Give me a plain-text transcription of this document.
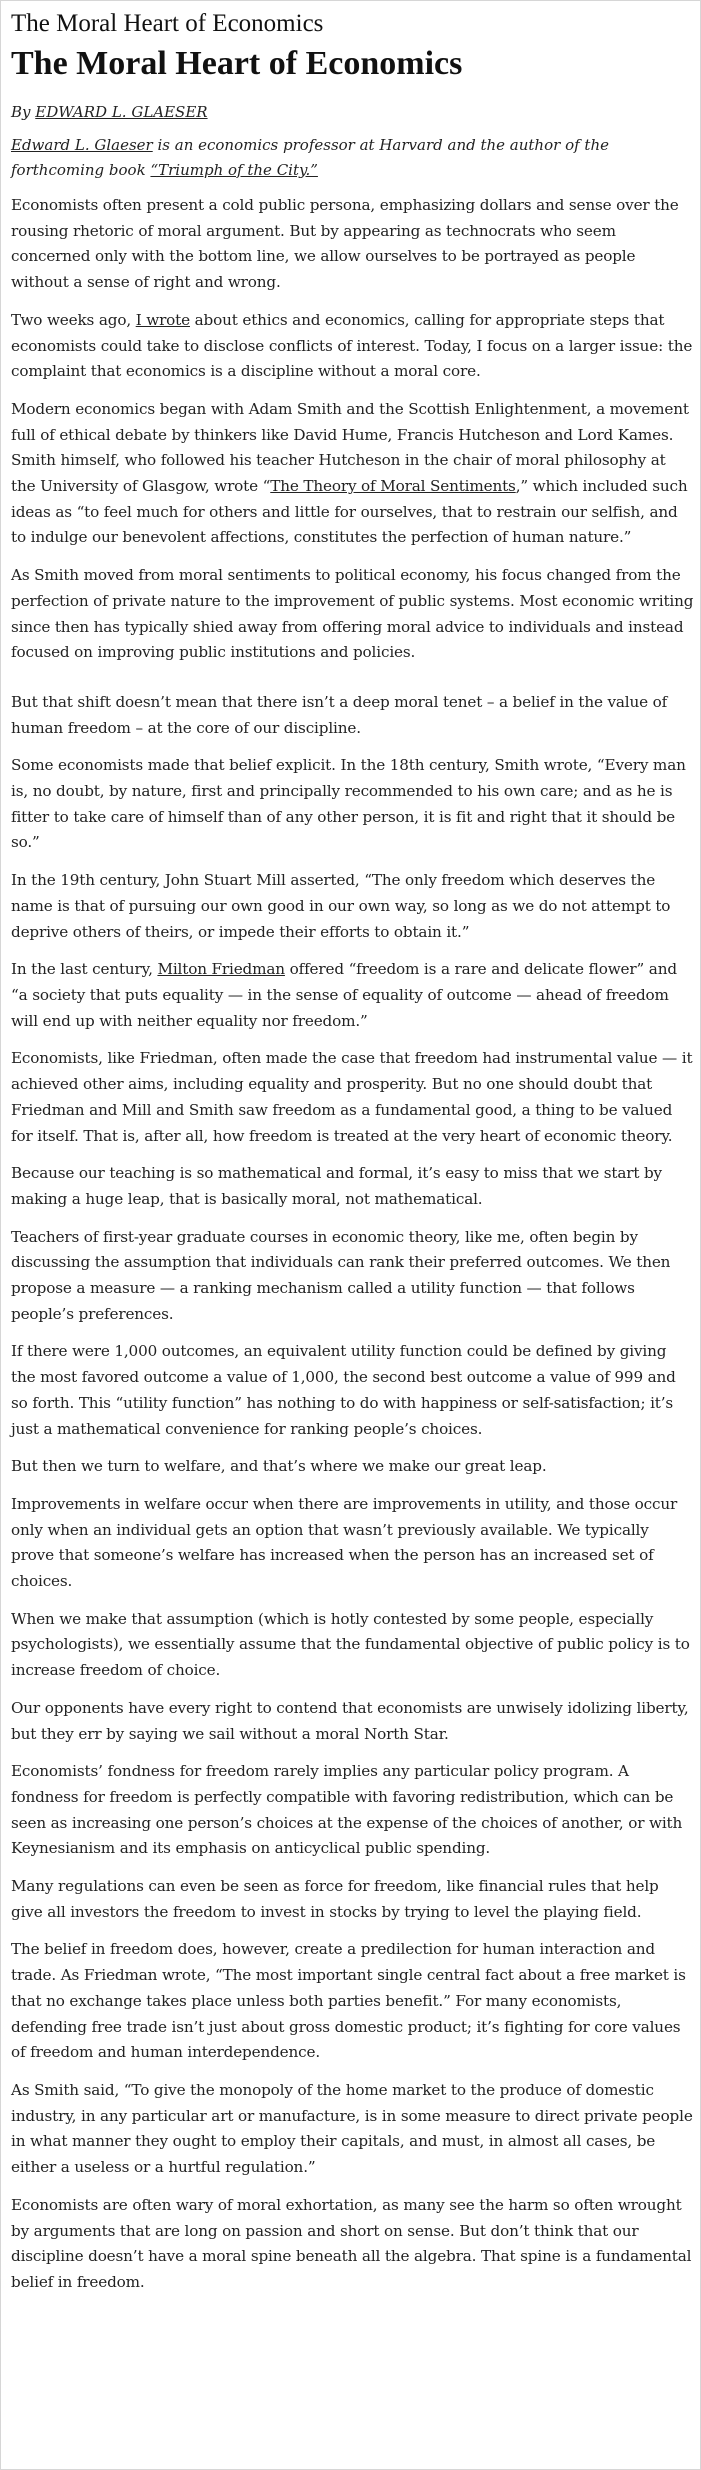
The Moral Heart of Economics
The Moral Heart of Economics
By EDWARD L. GLAESER
Edward L. Glaeser is an economics professor at Harvard and the author of the forthcoming book “Triumph of the City.”

Economists often present a cold public persona, emphasizing dollars and sense over the rousing rhetoric of moral argument. But by appearing as technocrats who seem concerned only with the bottom line, we allow ourselves to be portrayed as people without a sense of right and wrong.

Two weeks ago, I wrote about ethics and economics, calling for appropriate steps that economists could take to disclose conflicts of interest. Today, I focus on a larger issue: the complaint that economics is a discipline without a moral core.

Modern economics began with Adam Smith and the Scottish Enlightenment, a movement full of ethical debate by thinkers like David Hume, Francis Hutcheson and Lord Kames. Smith himself, who followed his teacher Hutcheson in the chair of moral philosophy at the University of Glasgow, wrote “The Theory of Moral Sentiments,” which included such ideas as “to feel much for others and little for ourselves, that to restrain our selfish, and to indulge our benevolent affections, constitutes the perfection of human nature.”

As Smith moved from moral sentiments to political economy, his focus changed from the perfection of private nature to the improvement of public systems. Most economic writing since then has typically shied away from offering moral advice to individuals and instead focused on improving public institutions and policies.

But that shift doesn’t mean that there isn’t a deep moral tenet – a belief in the value of human freedom – at the core of our discipline.

Some economists made that belief explicit. In the 18th century, Smith wrote, “Every man is, no doubt, by nature, first and principally recommended to his own care; and as he is fitter to take care of himself than of any other person, it is fit and right that it should be so.”

In the 19th century, John Stuart Mill asserted, “The only freedom which deserves the name is that of pursuing our own good in our own way, so long as we do not attempt to deprive others of theirs, or impede their efforts to obtain it.”

In the last century, Milton Friedman offered “freedom is a rare and delicate flower” and “a society that puts equality — in the sense of equality of outcome — ahead of freedom will end up with neither equality nor freedom.”

Economists, like Friedman, often made the case that freedom had instrumental value — it achieved other aims, including equality and prosperity. But no one should doubt that Friedman and Mill and Smith saw freedom as a fundamental good, a thing to be valued for itself. That is, after all, how freedom is treated at the very heart of economic theory.

Because our teaching is so mathematical and formal, it’s easy to miss that we start by making a huge leap, that is basically moral, not mathematical.

Teachers of first-year graduate courses in economic theory, like me, often begin by discussing the assumption that individuals can rank their preferred outcomes. We then propose a measure — a ranking mechanism called a utility function — that follows people’s preferences.

If there were 1,000 outcomes, an equivalent utility function could be defined by giving the most favored outcome a value of 1,000, the second best outcome a value of 999 and so forth. This “utility function” has nothing to do with happiness or self-satisfaction; it’s just a mathematical convenience for ranking people’s choices.

But then we turn to welfare, and that’s where we make our great leap.

Improvements in welfare occur when there are improvements in utility, and those occur only when an individual gets an option that wasn’t previously available. We typically prove that someone’s welfare has increased when the person has an increased set of choices.

When we make that assumption (which is hotly contested by some people, especially psychologists), we essentially assume that the fundamental objective of public policy is to increase freedom of choice.

Our opponents have every right to contend that economists are unwisely idolizing liberty, but they err by saying we sail without a moral North Star.

Economists’ fondness for freedom rarely implies any particular policy program. A fondness for freedom is perfectly compatible with favoring redistribution, which can be seen as increasing one person’s choices at the expense of the choices of another, or with Keynesianism and its emphasis on anticyclical public spending.

Many regulations can even be seen as force for freedom, like financial rules that help give all investors the freedom to invest in stocks by trying to level the playing field.

The belief in freedom does, however, create a predilection for human interaction and trade. As Friedman wrote, “The most important single central fact about a free market is that no exchange takes place unless both parties benefit.” For many economists, defending free trade isn’t just about gross domestic product; it’s fighting for core values of freedom and human interdependence.

As Smith said, “To give the monopoly of the home market to the produce of domestic industry, in any particular art or manufacture, is in some measure to direct private people in what manner they ought to employ their capitals, and must, in almost all cases, be either a useless or a hurtful regulation.”

Economists are often wary of moral exhortation, as many see the harm so often wrought by arguments that are long on passion and short on sense. But don’t think that our discipline doesn’t have a moral spine beneath all the algebra. That spine is a fundamental belief in freedom.
